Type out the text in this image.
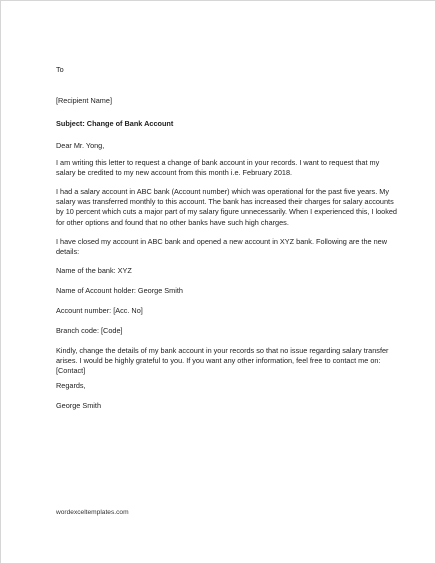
To
[Recipient Name]
Subject: Change of Bank Account
Dear Mr. Yong,
I am writing this letter to request a change of bank account in your records. I want to request that my
salary be credited to my new account from this month i.e. February 2018.
I had a salary account in ABC bank (Account number) which was operational for the past five years. My
salary was transferred monthly to this account. The bank has increased their charges for salary accounts
by 10 percent which cuts a major part of my salary figure unnecessarily. When I experienced this, I looked
for other options and found that no other banks have such high charges.
I have closed my account in ABC bank and opened a new account in XYZ bank. Following are the new
details:
Name of the bank: XYZ
Name of Account holder: George Smith
Account number: [Acc. No]
Branch code: [Code]
Kindly, change the details of my bank account in your records so that no issue regarding salary transfer
arises. I would be highly grateful to you. If you want any other information, feel free to contact me on:
[Contact]
Regards,
George Smith
wordexceltemplates.com
